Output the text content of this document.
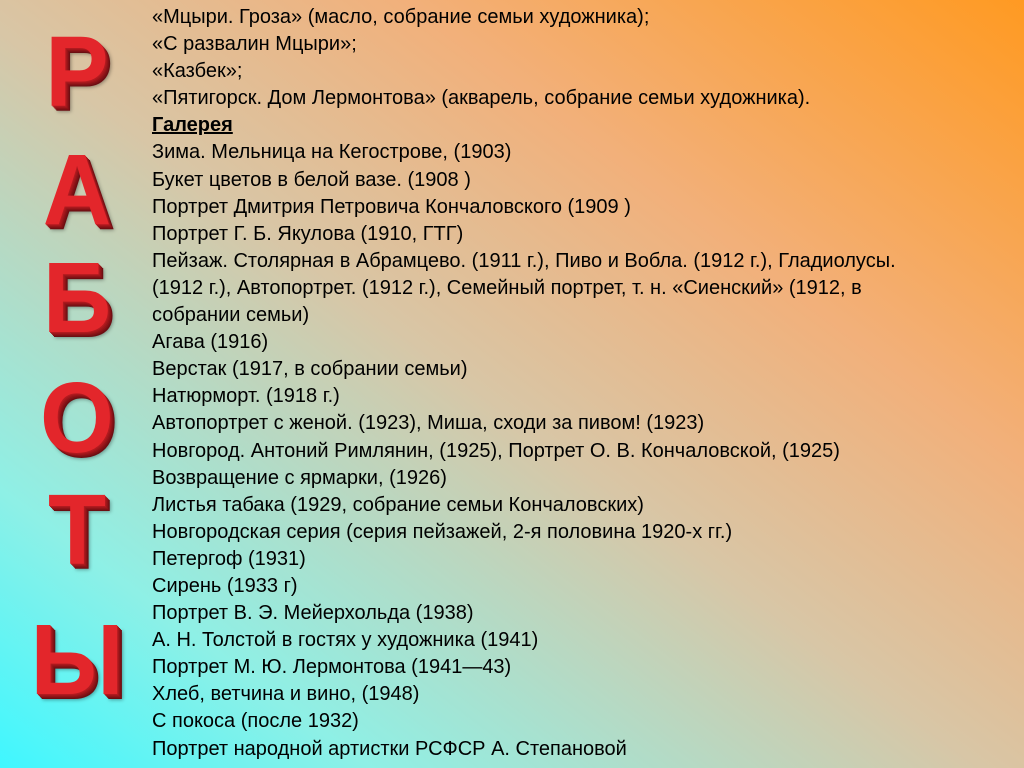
Р
А
Б
О
Т
Ы
«Мцыри. Гроза» (масло, собрание семьи художника);
«С развалин Мцыри»;
«Казбек»;
«Пятигорск. Дом Лермонтова» (акварель, собрание семьи художника).
Галерея
Зима. Мельница на Кегострове, (1903)
Букет цветов в белой вазе. (1908 )
Портрет Дмитрия Петровича Кончаловского (1909 )
Портрет Г. Б. Якулова (1910, ГТГ)
Пейзаж. Столярная в Абрамцево. (1911 г.), Пиво и Вобла. (1912 г.), Гладиолусы.
(1912 г.), Автопортрет. (1912 г.), Семейный портрет, т. н. «Сиенский» (1912, в
собрании семьи)
Агава (1916)
Верстак (1917, в собрании семьи)
Натюрморт. (1918 г.)
Автопортрет с женой. (1923), Миша, сходи за пивом! (1923)
Новгород. Антоний Римлянин, (1925), Портрет О. В. Кончаловской, (1925)
Возвращение с ярмарки, (1926)
Листья табака (1929, собрание семьи Кончаловских)
Новгородская серия (серия пейзажей, 2-я половина 1920-х гг.)
Петергоф (1931)
Сирень (1933 г)
Портрет В. Э. Мейерхольда (1938)
А. Н. Толстой в гостях у художника (1941)
Портрет М. Ю. Лермонтова (1941—43)
Хлеб, ветчина и вино, (1948)
С покоса (после 1932)
Портрет народной артистки РСФСР А. Степановой
